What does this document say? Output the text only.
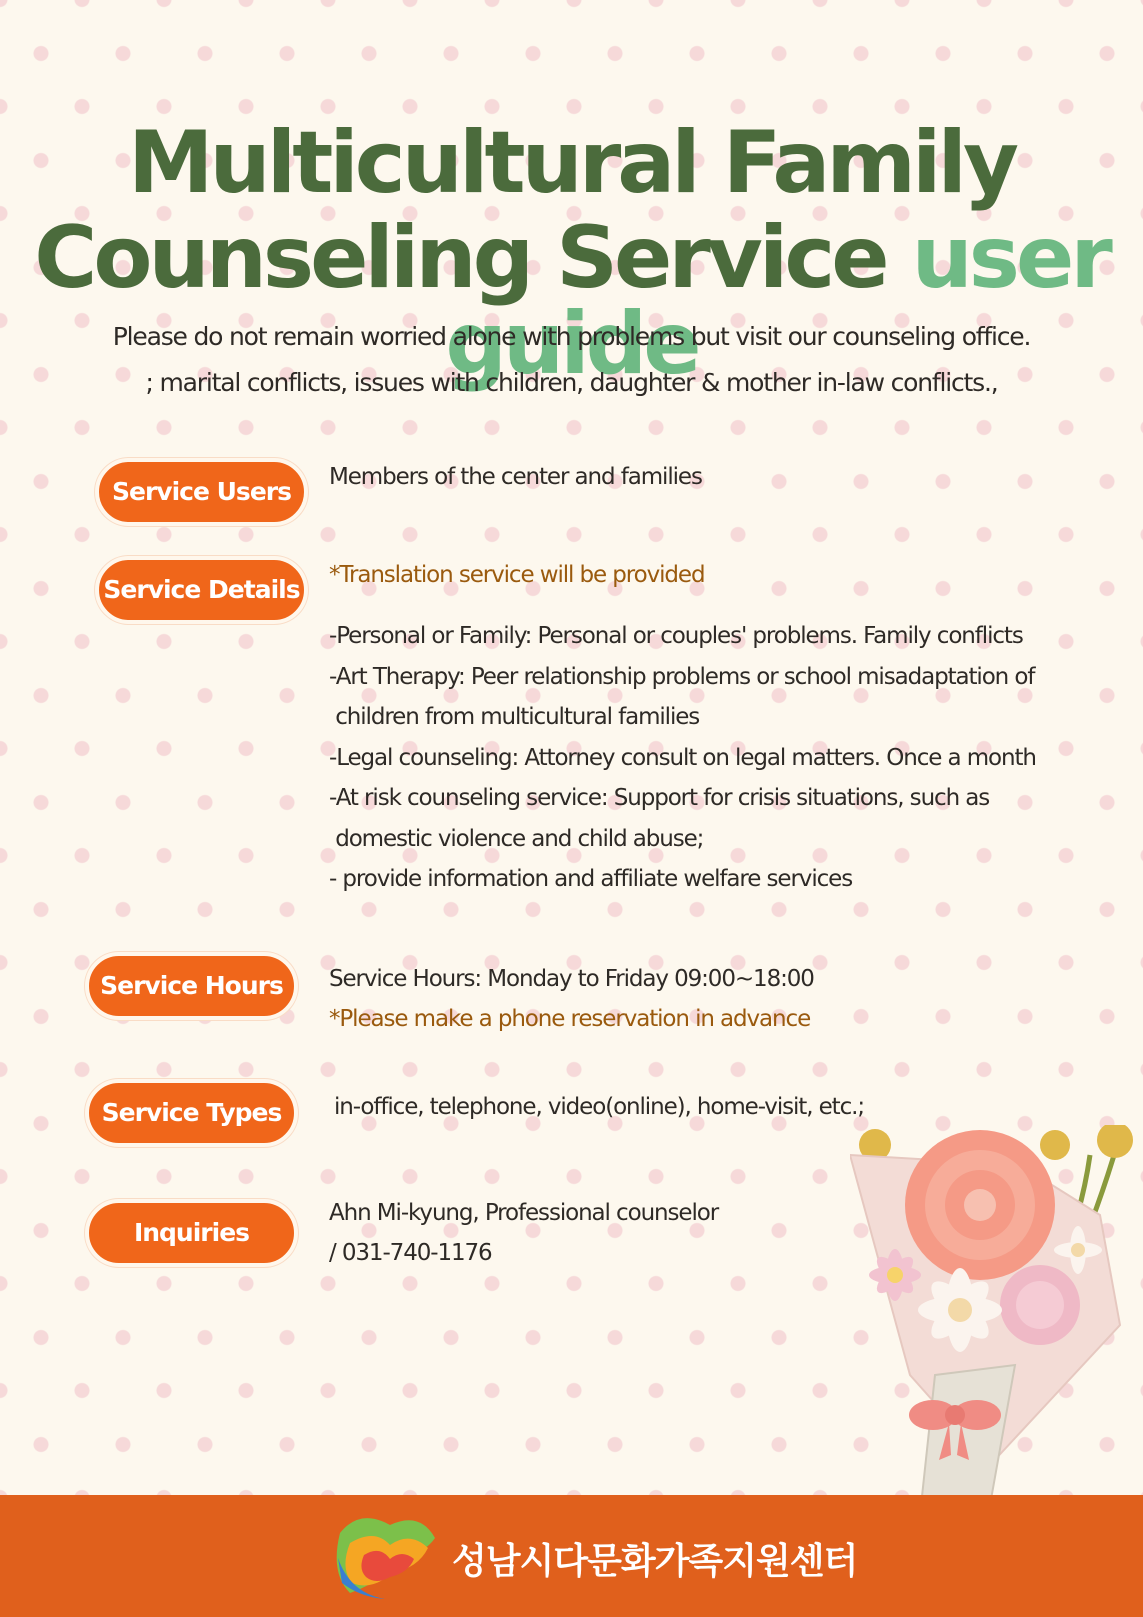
Multicultural Family
Counseling Service user guide

Please do not remain worried alone with problems but visit our counseling office.

; marital conflicts, issues with children, daughter & mother in-law conflicts.,

Service Users	Members of the center and families

Service Details	*Translation service will be provided

-Personal or Family: Personal or couples' problems. Family conflicts
-Art Therapy: Peer relationship problems or school misadaptation of
children from multicultural families
-Legal counseling: Attorney consult on legal matters. Once a month
-At risk counseling service: Support for crisis situations, such as
domestic violence and child abuse;
- provide information and affiliate welfare services
Service Hours	Service Hours: Monday to Friday 09:00~18:00

*Please make a phone reservation in advance

Service Types	in-office, telephone, video(online), home-visit, etc.;

Inquiries

Ahn Mi-kyung, Professional counselor

/ 031-740-1176

성남시다문화가족지원센터
